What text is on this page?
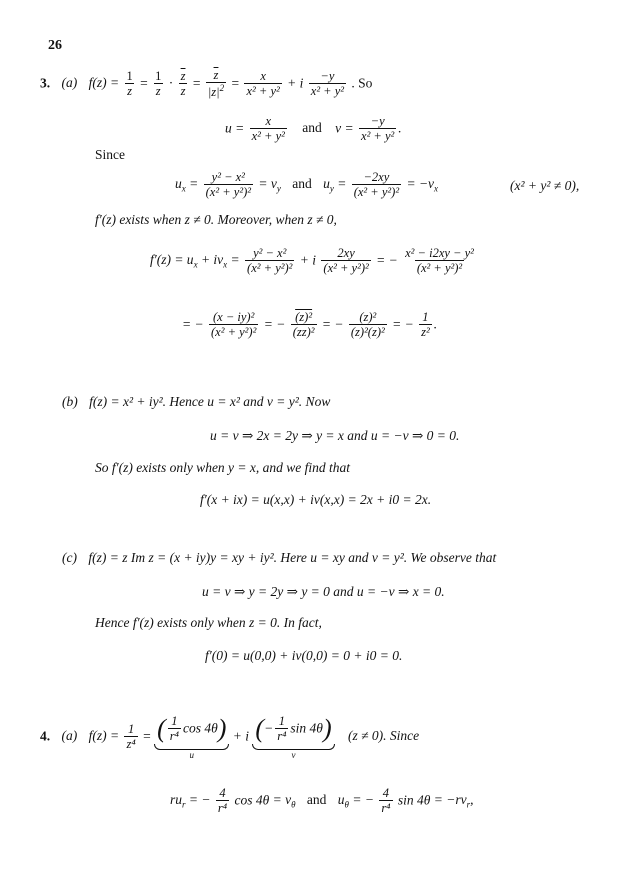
26
3. (a) $f(z) = \frac{1}{z} = \frac{1}{z} \cdot \frac{\overline{z}}{z} = \frac{\overline{z}}{|z|^2} = \frac{x}{\text{x² + y²}} + i \frac{-y}{\text{x² + y²}}$ . So
$u = \frac{x}{\text{x² + y²}}$ and $v = \frac{-y}{\text{x² + y²}}$ .
Since
$u_x = \frac{\text{y² − x²}}{\text{(x² + y²)²}} = v_y$ and $u_y = \frac{-2xy}{\text{(x² + y²)²}} = -v_x$	(x² + y² ≠ 0),
f′(z) exists when z ≠ 0. Moreover, when z ≠ 0,
$f'(z) = u_x + iv_x = \frac{\text{y² − x²}}{\text{(x² + y²)²}} + i \frac{2xy}{\text{(x² + y²)²}}$ = − $\frac{\text{x² − i2xy − y²}}{\text{(x² + y²)²}}$
= − $\frac{\text{(x − iy)²}}{\text{(x² + y²)²}}$ = − $\frac{\text{(z)²}}{\text{(zz)²}}$ = − $\frac{\text{(z)²}}{\text{(z)²(z)²}}$ = − $\frac{1}{\text{z²}}$ .
(b) f(z) = x² + iy². Hence u = x² and v = y². Now
u = v ⇒ 2x = 2y ⇒ y = x and u = −v ⇒ 0 = 0.
So f′(z) exists only when y = x, and we find that
f′(x + ix) = u(x,x) + iv(x,x) = 2x + i0 = 2x.
(c) f(z) = z Im z = (x + iy)y = xy + iy². Here u = xy and v = y². We observe that
u = v ⇒ y = 2y ⇒ y = 0 and u = −v ⇒ x = 0.
Hence f′(z) exists only when z = 0. In fact,
f′(0) = u(0,0) + iv(0,0) = 0 + i0 = 0.
4. (a) $f(z) = \frac{1}{\text{z⁴}}$ = ( $\frac{1}{\text{r⁴}}$ cos 4θ)
u
+ i (− $\frac{1}{\text{r⁴}}$ sin 4θ)
v
(z ≠ 0). Since
$ru_r$ = − $\frac{4}{\text{r⁴}}$ $\cos 4\theta = v_\theta$ and $u_\theta$ = − $\frac{4}{\text{r⁴}}$ $\sin 4\theta = -rv_r$,
